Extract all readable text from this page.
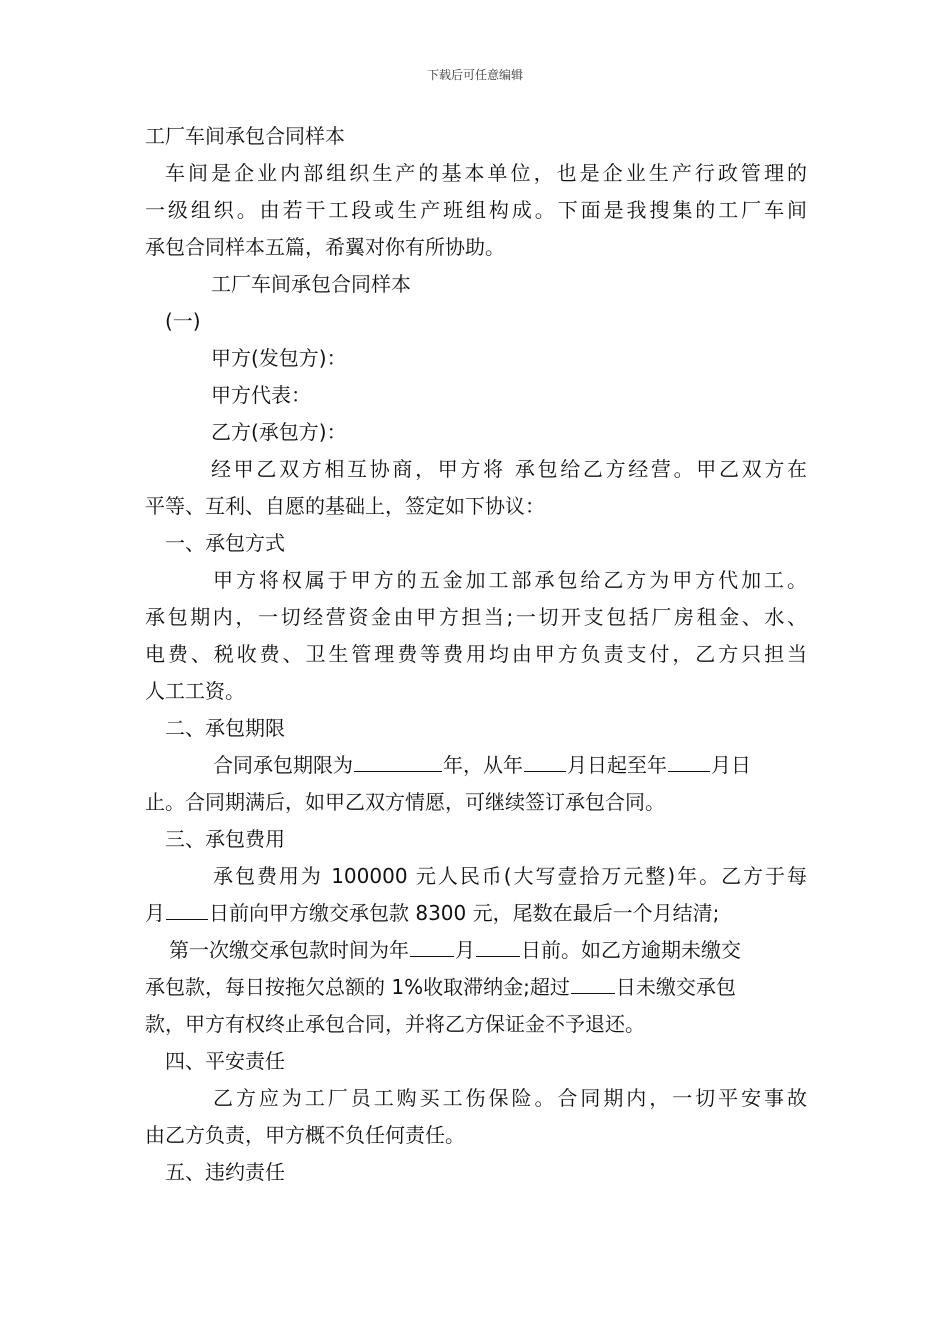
下载后可任意编辑
工厂车间承包合同样本
车间是企业内部组织生产的基本单位，也是企业生产行政管理的
一级组织。由若干工段或生产班组构成。下面是我搜集的工厂车间
承包合同样本五篇，希翼对你有所协助。
工厂车间承包合同样本
(一)
甲方(发包方)：
甲方代表：
乙方(承包方)：
经甲乙双方相互协商，甲方将 承包给乙方经营。甲乙双方在
平等、互利、自愿的基础上，签定如下协议：
一、承包方式
甲方将权属于甲方的五金加工部承包给乙方为甲方代加工。
承包期内，一切经营资金由甲方担当;一切开支包括厂房租金、水、
电费、税收费、卫生管理费等费用均由甲方负责支付，乙方只担当
人工工资。
二、承包期限
合同承包期限为	年，从年 月日起至年 月日
止。合同期满后，如甲乙双方情愿，可继续签订承包合同。
三、承包费用
承包费用为 100000 元人民币(大写壹拾万元整)年。乙方于每
月 日前向甲方缴交承包款 8300 元，尾数在最后一个月结清;
第一次缴交承包款时间为年 月 日前。如乙方逾期未缴交
承包款，每日按拖欠总额的 1%收取滞纳金;超过 日未缴交承包
款，甲方有权终止承包合同，并将乙方保证金不予退还。
四、平安责任
乙方应为工厂员工购买工伤保险。合同期内，一切平安事故
由乙方负责，甲方概不负任何责任。
五、违约责任
